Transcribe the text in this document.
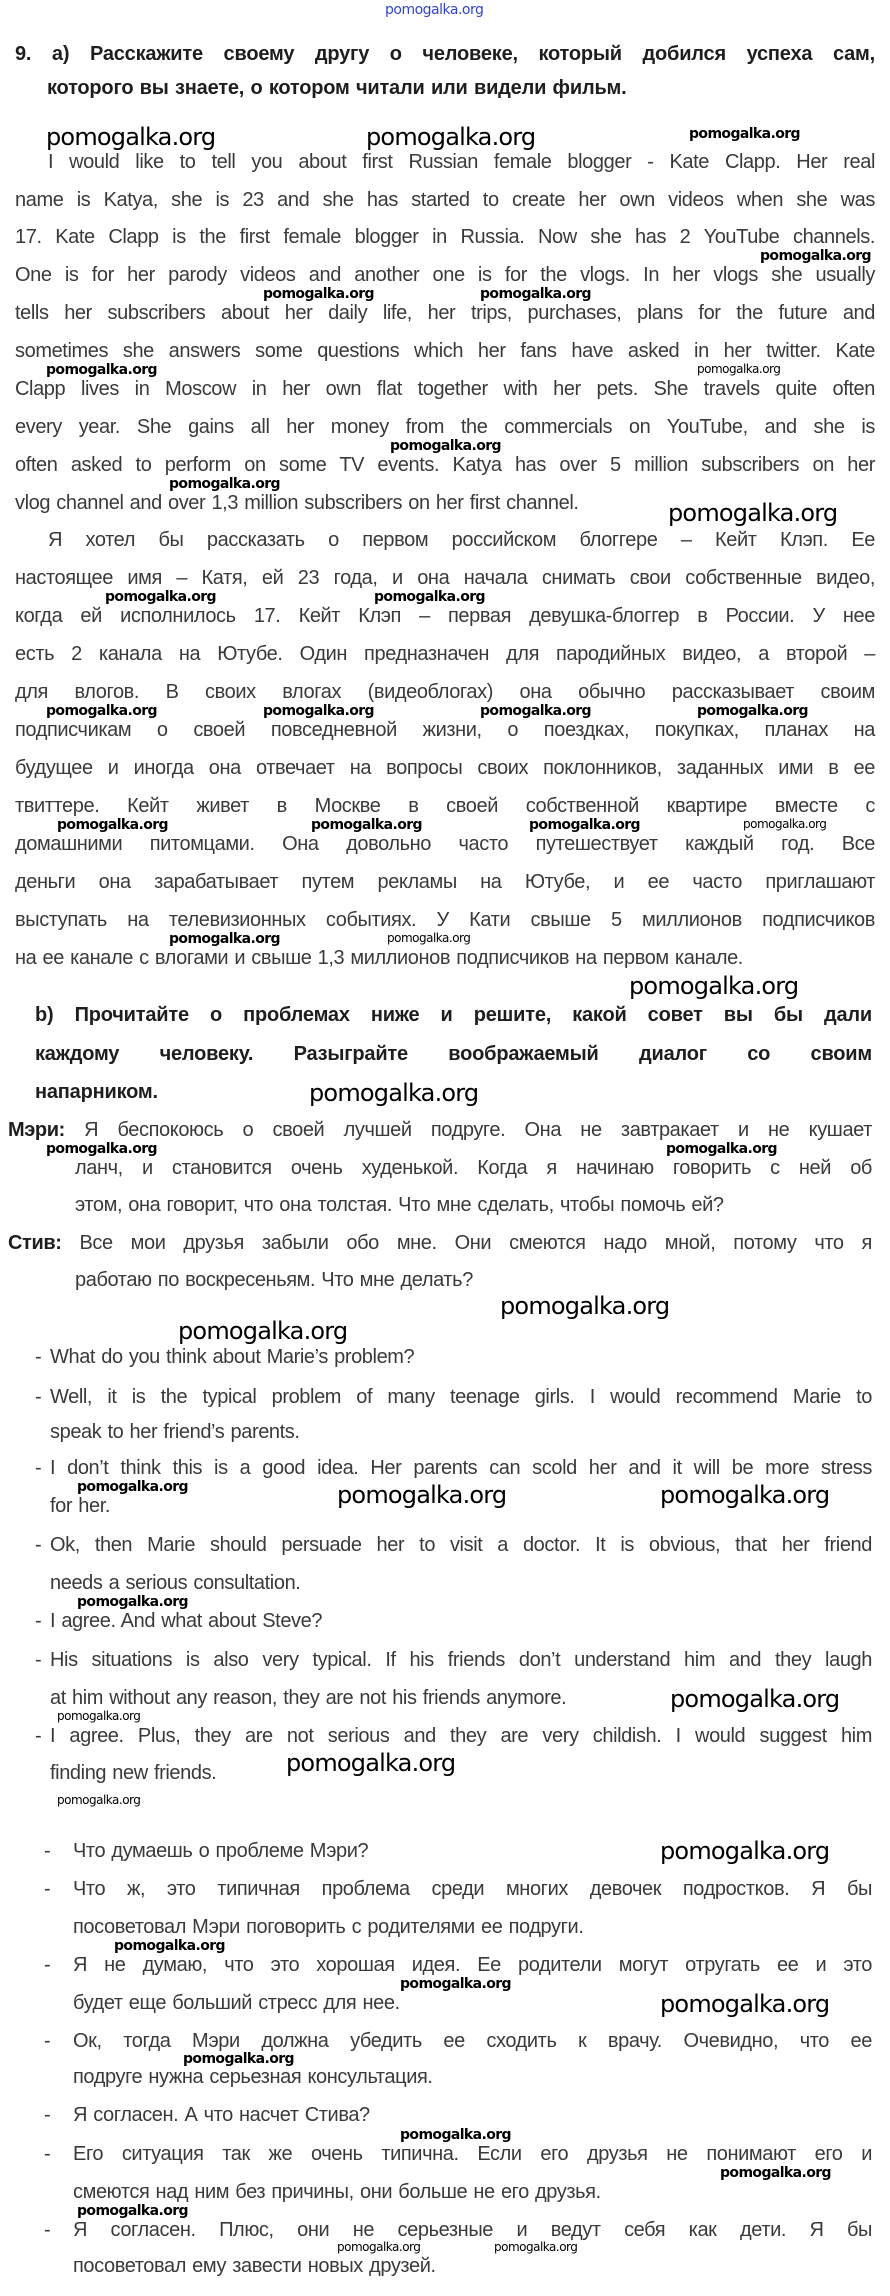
pomogalka.org
9. а) Расскажите своему другу о человеке, который добился успеха сам,
которого вы знаете, о котором читали или видели фильм.
I would like to tell you about first Russian female blogger - Kate Clapp. Her real
name is Katya, she is 23 and she has started to create her own videos when she was
17. Kate Clapp is the first female blogger in Russia. Now she has 2 YouTube channels.
One is for her parody videos and another one is for the vlogs. In her vlogs she usually
tells her subscribers about her daily life, her trips, purchases, plans for the future and
sometimes she answers some questions which her fans have asked in her twitter. Kate
Clapp lives in Moscow in her own flat together with her pets. She travels quite often
every year. She gains all her money from the commercials on YouTube, and she is
often asked to perform on some TV events. Katya has over 5 million subscribers on her
vlog channel and over 1,3 million subscribers on her first channel.
Я хотел бы рассказать о первом российском блоггере – Кейт Клэп. Ее
настоящее имя – Катя, ей 23 года, и она начала снимать свои собственные видео,
когда ей исполнилось 17. Кейт Клэп – первая девушка-блоггер в России. У нее
есть 2 канала на Ютубе. Один предназначен для пародийных видео, а второй –
для влогов. В своих влогах (видеоблогах) она обычно рассказывает своим
подписчикам о своей повседневной жизни, о поездках, покупках, планах на
будущее и иногда она отвечает на вопросы своих поклонников, заданных ими в ее
твиттере. Кейт живет в Москве в своей собственной квартире вместе с
домашними питомцами. Она довольно часто путешествует каждый год. Все
деньги она зарабатывает путем рекламы на Ютубе, и ее часто приглашают
выступать на телевизионных событиях. У Кати свыше 5 миллионов подписчиков
на ее канале с влогами и свыше 1,3 миллионов подписчиков на первом канале.
b) Прочитайте о проблемах ниже и решите, какой совет вы бы дали
каждому человеку. Разыграйте воображаемый диалог со своим
напарником.
Мэри: Я беспокоюсь о своей лучшей подруге. Она не завтракает и не кушает
ланч, и становится очень худенькой. Когда я начинаю говорить с ней об
этом, она говорит, что она толстая. Что мне сделать, чтобы помочь ей?
Стив: Все мои друзья забыли обо мне. Они смеются надо мной, потому что я
работаю по воскресеньям. Что мне делать?
- What do you think about Marie’s problem?
- Well, it is the typical problem of many teenage girls. I would recommend Marie to
speak to her friend’s parents.
- I don’t think this is a good idea. Her parents can scold her and it will be more stress
for her.
- Ok, then Marie should persuade her to visit a doctor. It is obvious, that her friend
needs a serious consultation.
- I agree. And what about Steve?
- His situations is also very typical. If his friends don’t understand him and they laugh
at him without any reason, they are not his friends anymore.
- I agree. Plus, they are not serious and they are very childish. I would suggest him
finding new friends.
- Что думаешь о проблеме Мэри?
- Что ж, это типичная проблема среди многих девочек подростков. Я бы
посоветовал Мэри поговорить с родителями ее подруги.
- Я не думаю, что это хорошая идея. Ее родители могут отругать ее и это
будет еще больший стресс для нее.
- Ок, тогда Мэри должна убедить ее сходить к врачу. Очевидно, что ее
подруге нужна серьезная консультация.
- Я согласен. А что насчет Стива?
- Его ситуация так же очень типична. Если его друзья не понимают его и
смеются над ним без причины, они больше не его друзья.
- Я согласен. Плюс, они не серьезные и ведут себя как дети. Я бы
посоветовал ему завести новых друзей.
pomogalka.org	pomogalka.org	pomogalka.org
pomogalka.org
pomogalka.org	pomogalka.org
pomogalka.org	pomogalka.org
pomogalka.org
pomogalka.org
pomogalka.org
pomogalka.org	pomogalka.org
pomogalka.org	pomogalka.org	pomogalka.org	pomogalka.org
pomogalka.org	pomogalka.org	pomogalka.org	pomogalka.org
pomogalka.org	pomogalka.org
pomogalka.org
pomogalka.org
pomogalka.org	pomogalka.org
pomogalka.org
pomogalka.org
pomogalka.org	pomogalka.org	pomogalka.org
pomogalka.org
pomogalka.org
pomogalka.org
pomogalka.org
pomogalka.org
pomogalka.org
pomogalka.org
pomogalka.org
pomogalka.org
pomogalka.org
pomogalka.org
pomogalka.org
pomogalka.org
pomogalka.org	pomogalka.org
